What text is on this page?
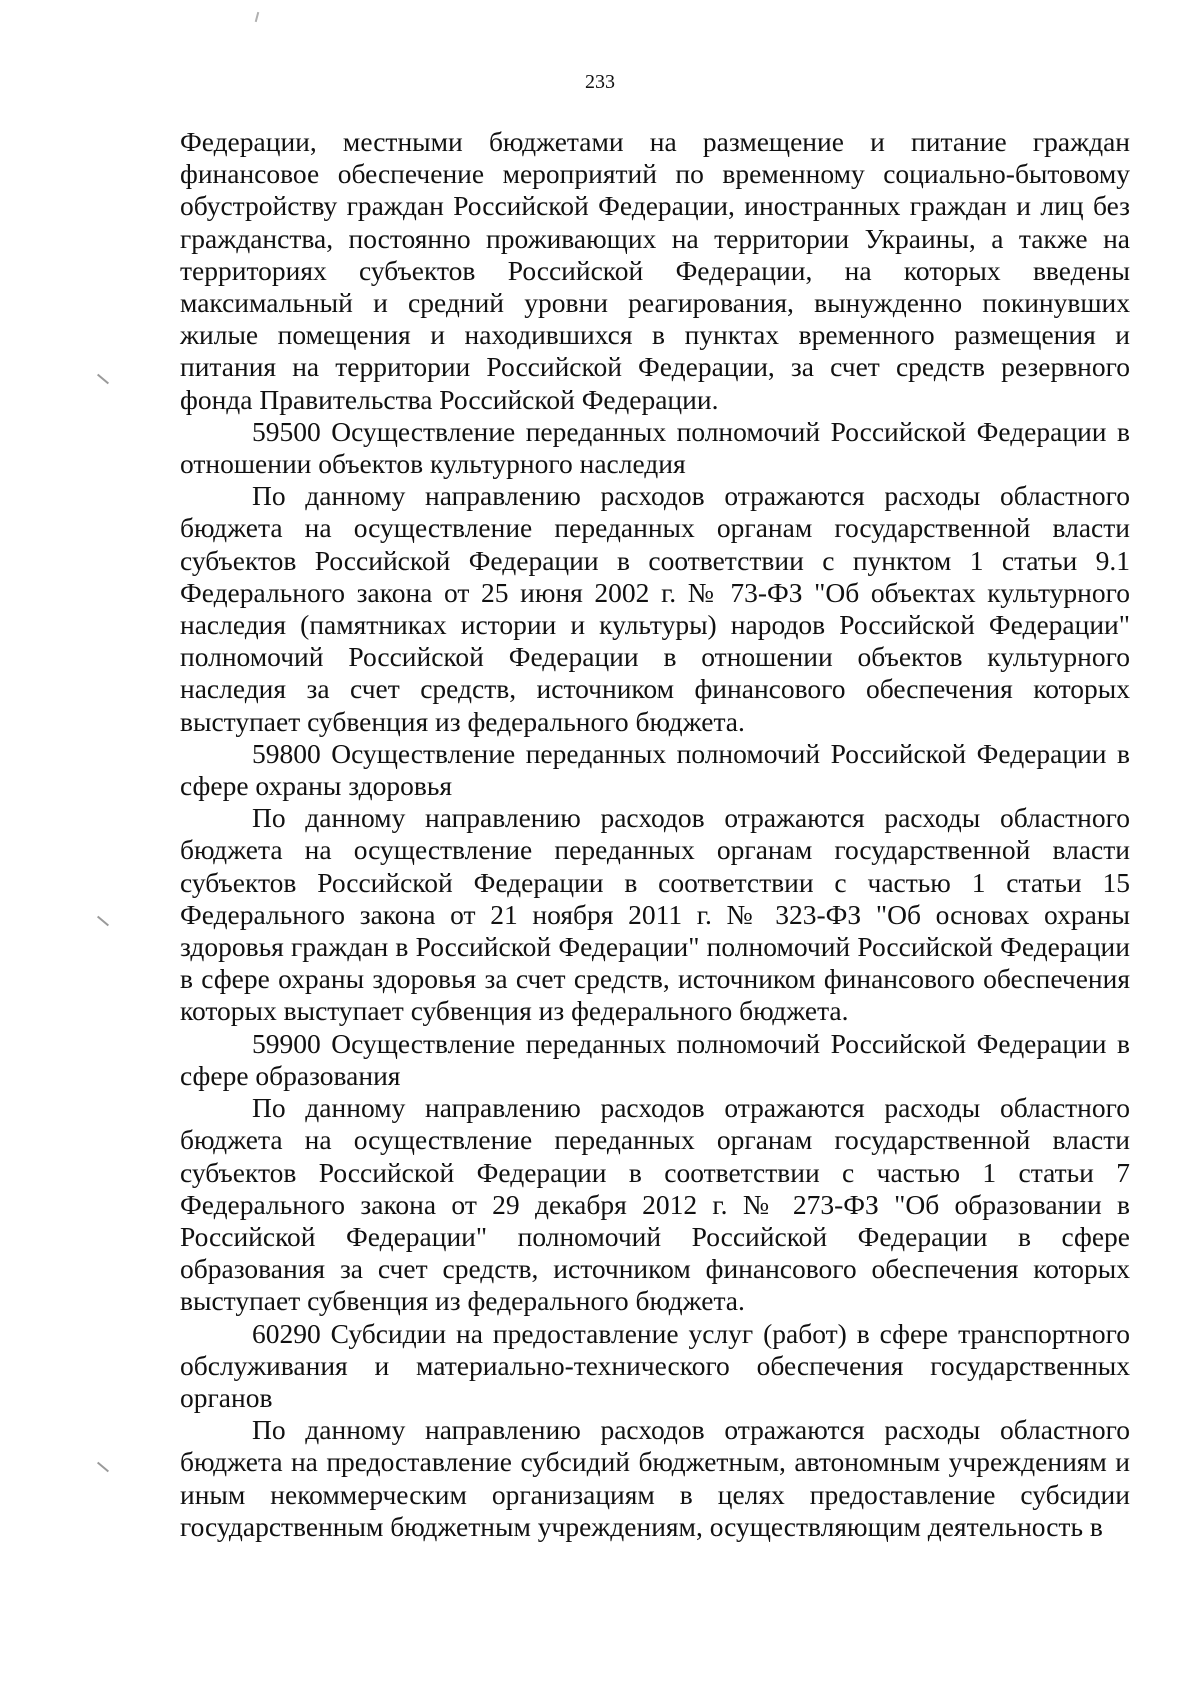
233

Федерации, местными бюджетами на размещение и питание граждан финансовое обеспечение мероприятий по временному социально-бытовому обустройству граждан Российской Федерации, иностранных граждан и лиц без гражданства, постоянно проживающих на территории Украины, а также на территориях субъектов Российской Федерации, на которых введены максимальный и средний уровни реагирования, вынужденно покинувших жилые помещения и находившихся в пунктах временного размещения и питания на территории Российской Федерации, за счет средств резервного фонда Правительства Российской Федерации.

59500 Осуществление переданных полномочий Российской Федерации в отношении объектов культурного наследия

По данному направлению расходов отражаются расходы областного бюджета на осуществление переданных органам государственной власти субъектов Российской Федерации в соответствии с пунктом 1 статьи 9.1 Федерального закона от 25 июня 2002 г. № 73-ФЗ "Об объектах культурного наследия (памятниках истории и культуры) народов Российской Федерации" полномочий Российской Федерации в отношении объектов культурного наследия за счет средств, источником финансового обеспечения которых выступает субвенция из федерального бюджета.

59800 Осуществление переданных полномочий Российской Федерации в сфере охраны здоровья

По данному направлению расходов отражаются расходы областного бюджета на осуществление переданных органам государственной власти субъектов Российской Федерации в соответствии с частью 1 статьи 15 Федерального закона от 21 ноября 2011 г. № 323-ФЗ "Об основах охраны здоровья граждан в Российской Федерации" полномочий Российской Федерации в сфере охраны здоровья за счет средств, источником финансового обеспечения которых выступает субвенция из федерального бюджета.

59900 Осуществление переданных полномочий Российской Федерации в сфере образования

По данному направлению расходов отражаются расходы областного бюджета на осуществление переданных органам государственной власти субъектов Российской Федерации в соответствии с частью 1 статьи 7 Федерального закона от 29 декабря 2012 г. № 273-ФЗ "Об образовании в Российской Федерации" полномочий Российской Федерации в сфере образования за счет средств, источником финансового обеспечения которых выступает субвенция из федерального бюджета.

60290 Субсидии на предоставление услуг (работ) в сфере транспортного обслуживания и материально-технического обеспечения государственных органов

По данному направлению расходов отражаются расходы областного бюджета на предоставление субсидий бюджетным, автономным учреждениям и иным некоммерческим организациям в целях предоставление субсидии государственным бюджетным учреждениям, осуществляющим деятельность в
